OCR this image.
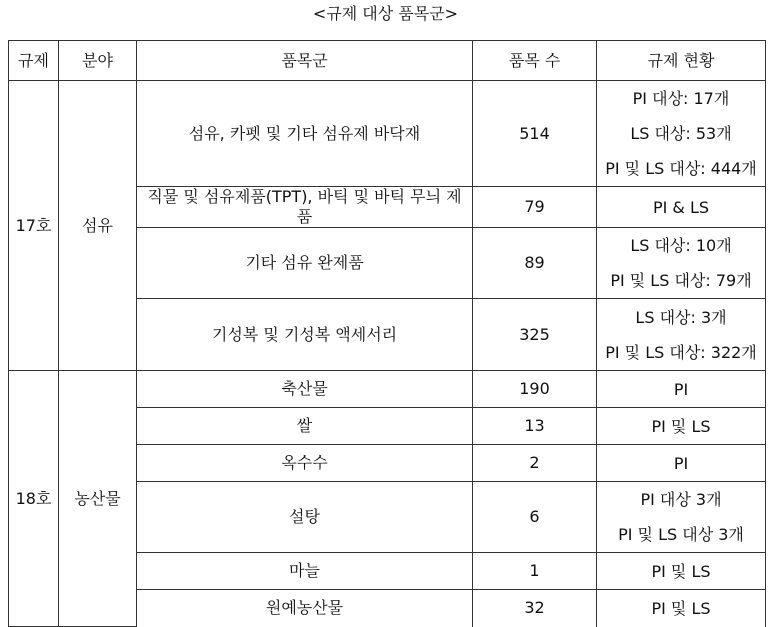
<규제 대상 품목군>
규제	분야	품목군	품목 수	규제 현황
17호	섬유	섬유, 카펫 및 기타 섬유제 바닥재	514	PI 대상: 17개
LS 대상: 53개
PI 및 LS 대상: 444개

		직물 및 섬유제품(TPT), 바틱 및 바틱 무늬 제품	79	PI & LS

		기타 섬유 완제품	89	LS 대상: 10개
PI 및 LS 대상: 79개

		기성복 및 기성복 액세서리	325	LS 대상: 3개
PI 및 LS 대상: 322개

18호	농산물	축산물	190	PI

		쌀	13	PI 및 LS

		옥수수	2	PI

		설탕	6	PI 대상 3개
PI 및 LS 대상 3개

		마늘	1	PI 및 LS

		원예농산물	32	PI 및 LS
